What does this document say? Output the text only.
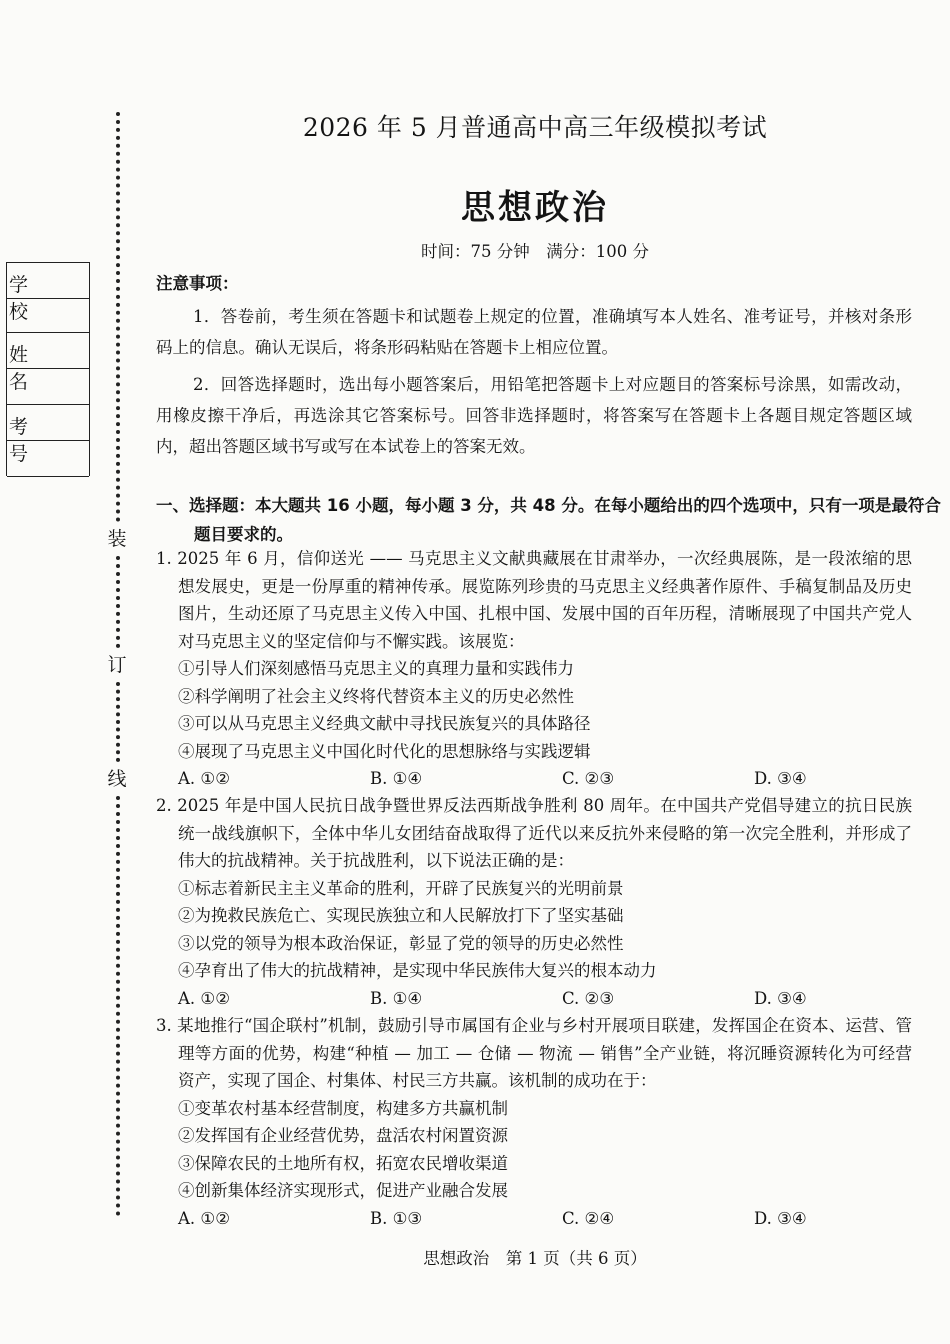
装
订
线
学 校
姓 名
考 号
2026 年 5 月普通高中高三年级模拟考试
思想政治
时间：75 分钟　满分：100 分
注意事项：
1．答卷前，考生须在答题卡和试题卷上规定的位置，准确填写本人姓名、准考证号，并核对条形码上的信息。确认无误后，将条形码粘贴在答题卡上相应位置。
2．回答选择题时，选出每小题答案后，用铅笔把答题卡上对应题目的答案标号涂黑，如需改动，用橡皮擦干净后，再选涂其它答案标号。回答非选择题时，将答案写在答题卡上各题目规定答题区域内，超出答题区域书写或写在本试卷上的答案无效。
一、选择题：本大题共 16 小题，每小题 3 分，共 48 分。在每小题给出的四个选项中，只有一项是最符合题目要求的。
1. 2025 年 6 月，信仰送光 —— 马克思主义文献典藏展在甘肃举办，一次经典展陈，是一段浓缩的思想发展史，更是一份厚重的精神传承。展览陈列珍贵的马克思主义经典著作原件、手稿复制品及历史图片，生动还原了马克思主义传入中国、扎根中国、发展中国的百年历程，清晰展现了中国共产党人对马克思主义的坚定信仰与不懈实践。该展览：
①引导人们深刻感悟马克思主义的真理力量和实践伟力
②科学阐明了社会主义终将代替资本主义的历史必然性
③可以从马克思主义经典文献中寻找民族复兴的具体路径
④展现了马克思主义中国化时代化的思想脉络与实践逻辑
A. ①②	B. ①④	C. ②③	D. ③④
2. 2025 年是中国人民抗日战争暨世界反法西斯战争胜利 80 周年。在中国共产党倡导建立的抗日民族统一战线旗帜下，全体中华儿女团结奋战取得了近代以来反抗外来侵略的第一次完全胜利，并形成了伟大的抗战精神。关于抗战胜利，以下说法正确的是：
①标志着新民主主义革命的胜利，开辟了民族复兴的光明前景
②为挽救民族危亡、实现民族独立和人民解放打下了坚实基础
③以党的领导为根本政治保证，彰显了党的领导的历史必然性
④孕育出了伟大的抗战精神，是实现中华民族伟大复兴的根本动力
A. ①②	B. ①④	C. ②③	D. ③④
3. 某地推行“国企联村”机制，鼓励引导市属国有企业与乡村开展项目联建，发挥国企在资本、运营、管理等方面的优势，构建“种植 — 加工 — 仓储 — 物流 — 销售”全产业链，将沉睡资源转化为可经营资产，实现了国企、村集体、村民三方共赢。该机制的成功在于：
①变革农村基本经营制度，构建多方共赢机制
②发挥国有企业经营优势，盘活农村闲置资源
③保障农民的土地所有权，拓宽农民增收渠道
④创新集体经济实现形式，促进产业融合发展
A. ①②	B. ①③	C. ②④	D. ③④
思想政治　第 1 页（共 6 页）
